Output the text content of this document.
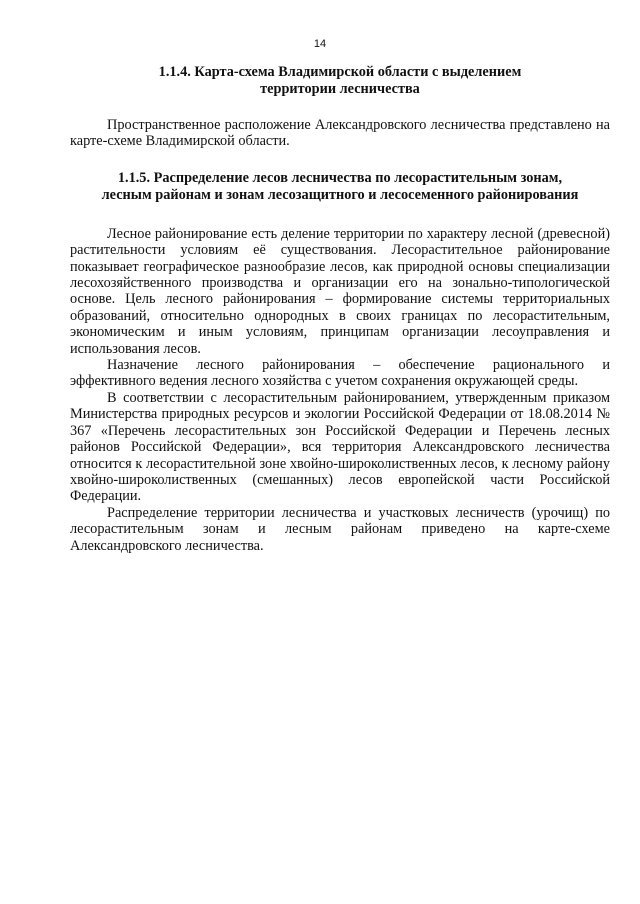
14
1.1.4. Карта-схема Владимирской области с выделением
территории лесничества

Пространственное расположение Александровского лесничества представлено на карте-схеме Владимирской области.

1.1.5. Распределение лесов лесничества по лесорастительным зонам,
лесным районам и зонам лесозащитного и лесосеменного районирования

Лесное районирование есть деление территории по характеру лесной (древесной) растительности условиям её существования. Лесорастительное районирование показывает географическое разнообразие лесов, как природной основы специализации лесохозяйственного производства и организации его на зонально-типологической основе. Цель лесного районирования – формирование системы территориальных образований, относительно однородных в своих границах по лесорастительным, экономическим и иным условиям, принципам организации лесоуправления и использования лесов.

Назначение лесного районирования – обеспечение рационального и эффективного ведения лесного хозяйства с учетом сохранения окружающей среды.

В соответствии с лесорастительным районированием, утвержденным приказом Министерства природных ресурсов и экологии Российской Федерации от 18.08.2014 № 367 «Перечень лесорастительных зон Российской Федерации и Перечень лесных районов Российской Федерации», вся территория Александровского лесничества относится к лесорастительной зоне хвойно-широколиственных лесов, к лесному району хвойно-широколиственных (смешанных) лесов европейской части Российской Федерации.

Распределение территории лесничества и участковых лесничеств (урочищ) по лесорастительным зонам и лесным районам приведено на карте-схеме Александровского лесничества.
